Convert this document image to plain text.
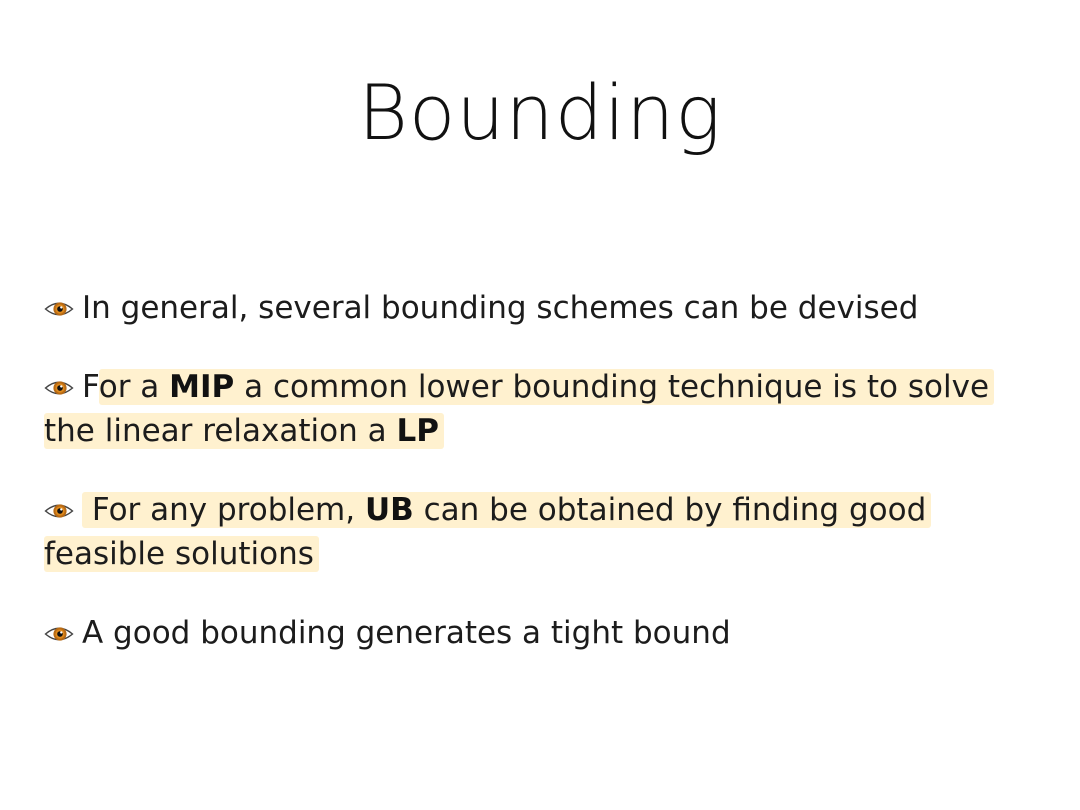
Bounding
In general, several bounding schemes can be devised
For a MIP a common lower bounding technique is to solve the linear relaxation a LP
For any problem, UB can be obtained by finding good feasible solutions
A good bounding generates a tight bound
